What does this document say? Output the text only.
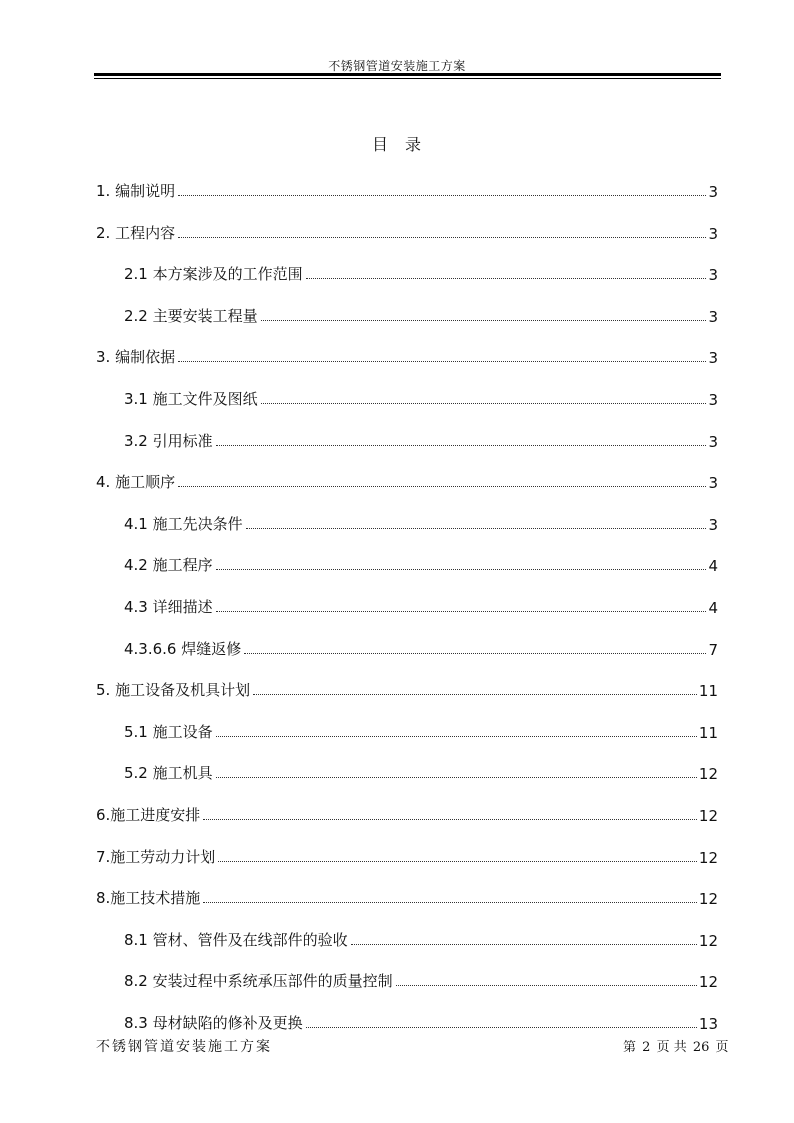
不锈钢管道安装施工方案
目 录
1. 编制说明	3
2. 工程内容	3
2.1 本方案涉及的工作范围	3
2.2 主要安装工程量	3
3. 编制依据	3
3.1 施工文件及图纸	3
3.2 引用标准	3
4. 施工顺序	3
4.1 施工先决条件	3
4.2 施工程序	4
4.3 详细描述	4
4.3.6.6 焊缝返修	7
5. 施工设备及机具计划	11
5.1 施工设备	11
5.2 施工机具	12
6.施工进度安排	12
7.施工劳动力计划	12
8.施工技术措施	12
8.1 管材、管件及在线部件的验收	12
8.2 安装过程中系统承压部件的质量控制	12
8.3 母材缺陷的修补及更换	13
不锈钢管道安装施工方案	第 2 页 共 26 页
